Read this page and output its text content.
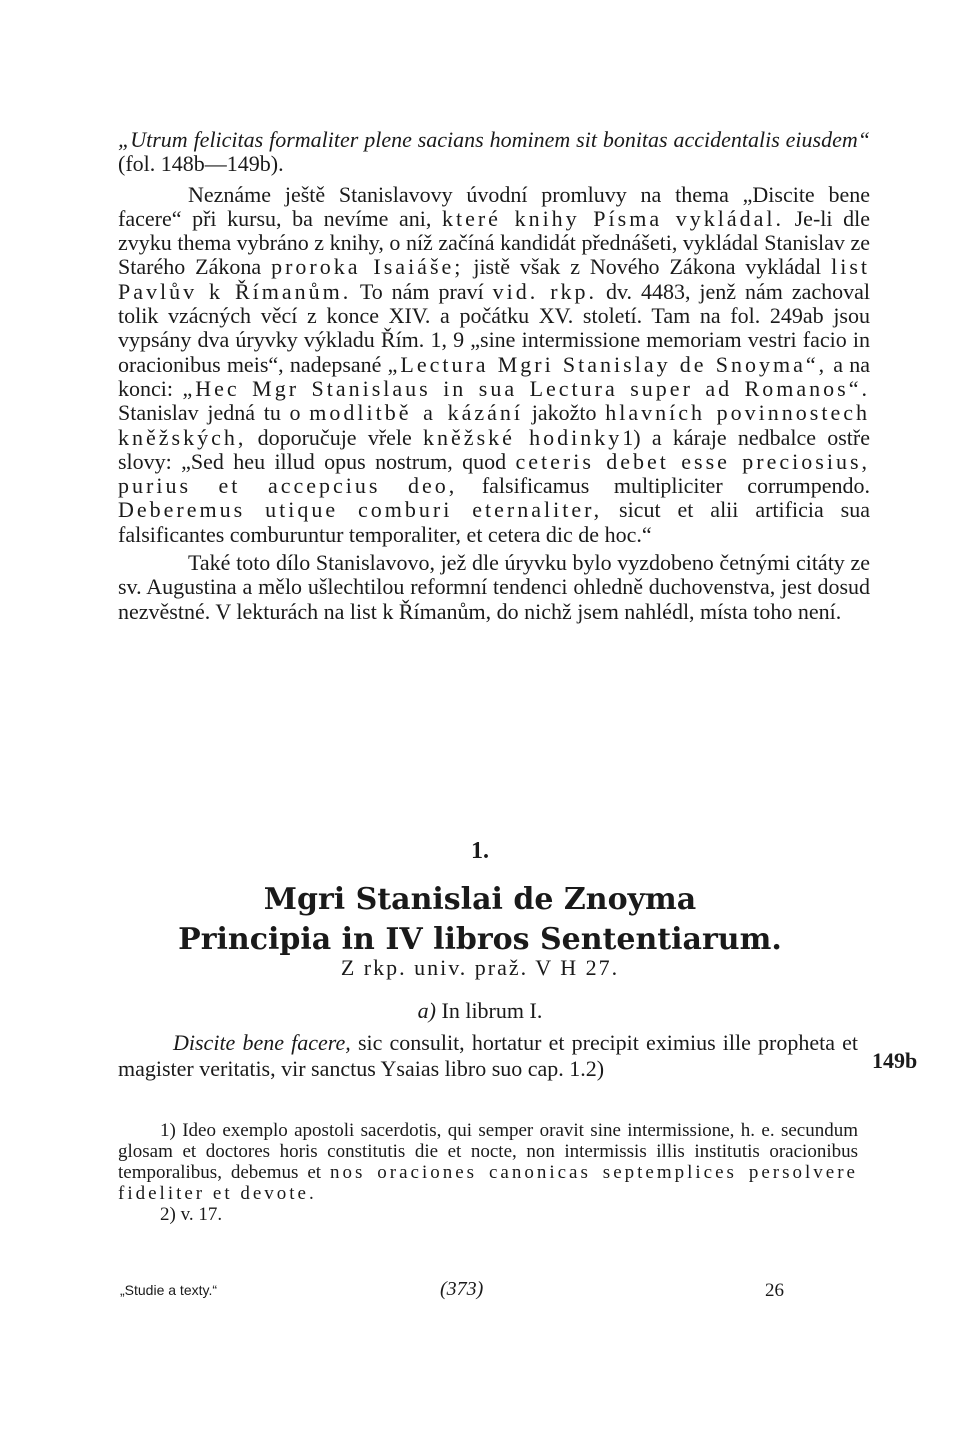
„Utrum felicitas formaliter plene sacians hominem sit bonitas accidentalis eiusdem“ (fol. 148b—149b).

Neznáme ještě Stanislavovy úvodní promluvy na thema „Discite bene facere“ při kursu, ba nevíme ani, které knihy Písma vykládal. Je-li dle zvyku thema vybráno z knihy, o níž začíná kandidát přednášeti, vykládal Stanislav ze Starého Zákona proroka Isaiáše; jistě však z Nového Zákona vykládal list Pavlův k Římanům. To nám praví vid. rkp. dv. 4483, jenž nám zachoval tolik vzácných věcí z konce XIV. a počátku XV. století. Tam na fol. 249ab jsou vypsány dva úryvky výkladu Řím. 1, 9 „sine intermissione memoriam vestri facio in oracionibus meis“, nadepsané „Lectura Mgri Stanislay de Snoyma“, a na konci: „Hec Mgr Stanislaus in sua Lectura super ad Romanos“. Stanislav jedná tu o modlitbě a kázání jakožto hlavních povinnostech kněžských, doporučuje vřele kněžské hodinky1) a káraje nedbalce ostře slovy: „Sed heu illud opus nostrum, quod ceteris debet esse preciosius, purius et accepcius deo, falsificamus multipliciter corrumpendo. Deberemus utique comburi eternaliter, sicut et alii artificia sua falsificantes comburuntur temporaliter, et cetera dic de hoc.“

Také toto dílo Stanislavovo, jež dle úryvku bylo vyzdobeno četnými citáty ze sv. Augustina a mělo ušlechtilou reformní tendenci ohledně duchovenstva, jest dosud nezvěstné. V lekturách na list k Římanům, do nichž jsem nahlédl, místa toho není.

1.
Mgri Stanislai de Znoyma
Principia in IV libros Sententiarum.
Z rkp. univ. praž. V H 27.
a) In librum I.

Discite bene facere, sic consulit, hortatur et precipit eximius ille propheta et magister veritatis, vir sanctus Ysaias libro suo cap. 1.2)	149b

1) Ideo exemplo apostoli sacerdotis, qui semper oravit sine intermissione, h. e. secundum glosam et doctores horis constitutis die et nocte, non intermissis illis institutis oracionibus temporalibus, debemus et nos oraciones canonicas septemplices persolvere fideliter et devote.

2) v. 17.

„Studie a texty.“	(373)	26
